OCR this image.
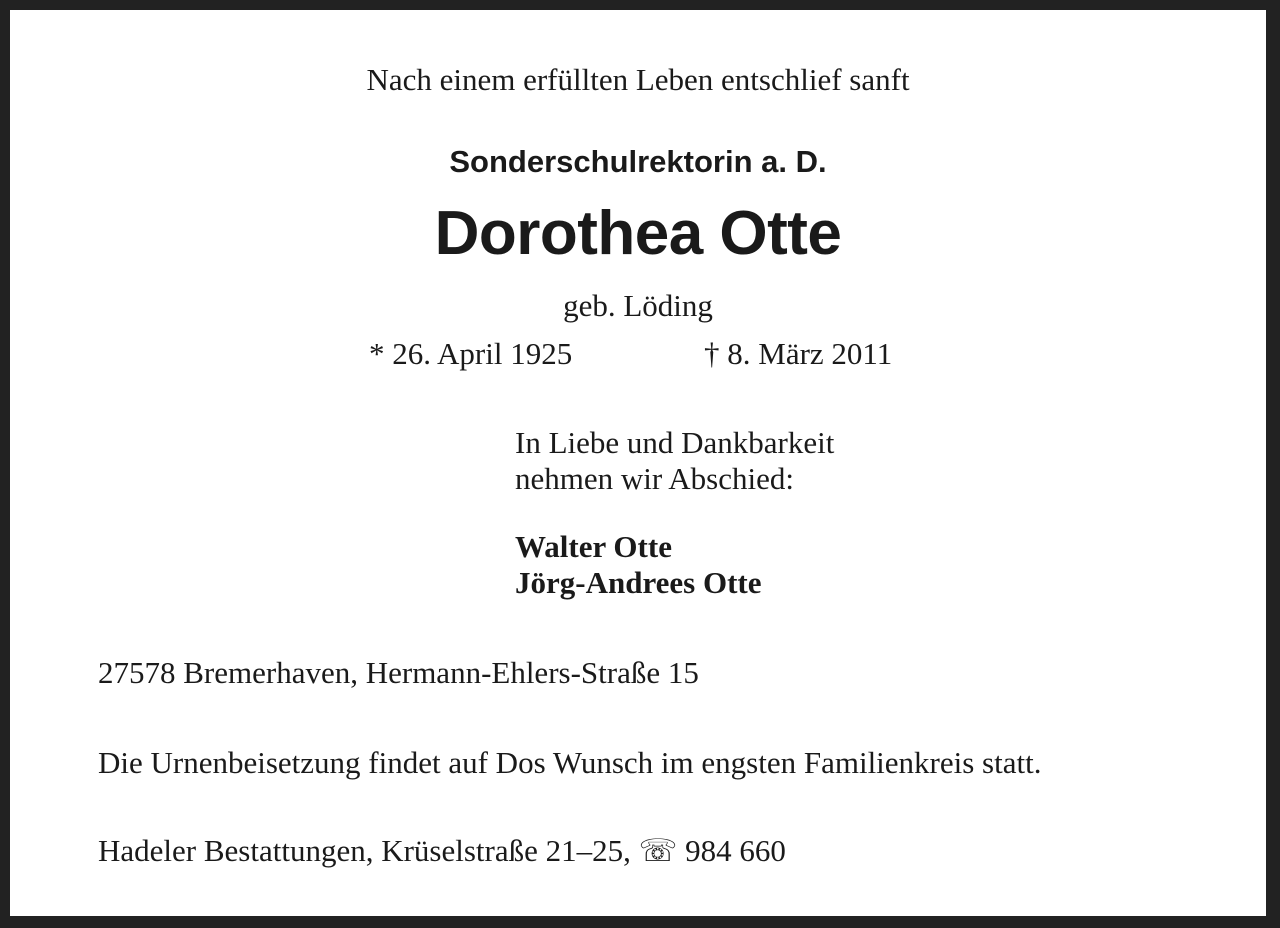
Nach einem erfüllten Leben entschlief sanft
Sonderschulrektorin a. D.
Dorothea Otte
geb. Löding
* 26. April 1925	† 8. März 2011
In Liebe und Dankbarkeit
nehmen wir Abschied:
Walter Otte
Jörg-Andrees Otte
27578 Bremerhaven, Hermann-Ehlers-Straße 15
Die Urnenbeisetzung findet auf Dos Wunsch im engsten Familienkreis statt.
Hadeler Bestattungen, Krüselstraße 21–25, ☏ 984 660
